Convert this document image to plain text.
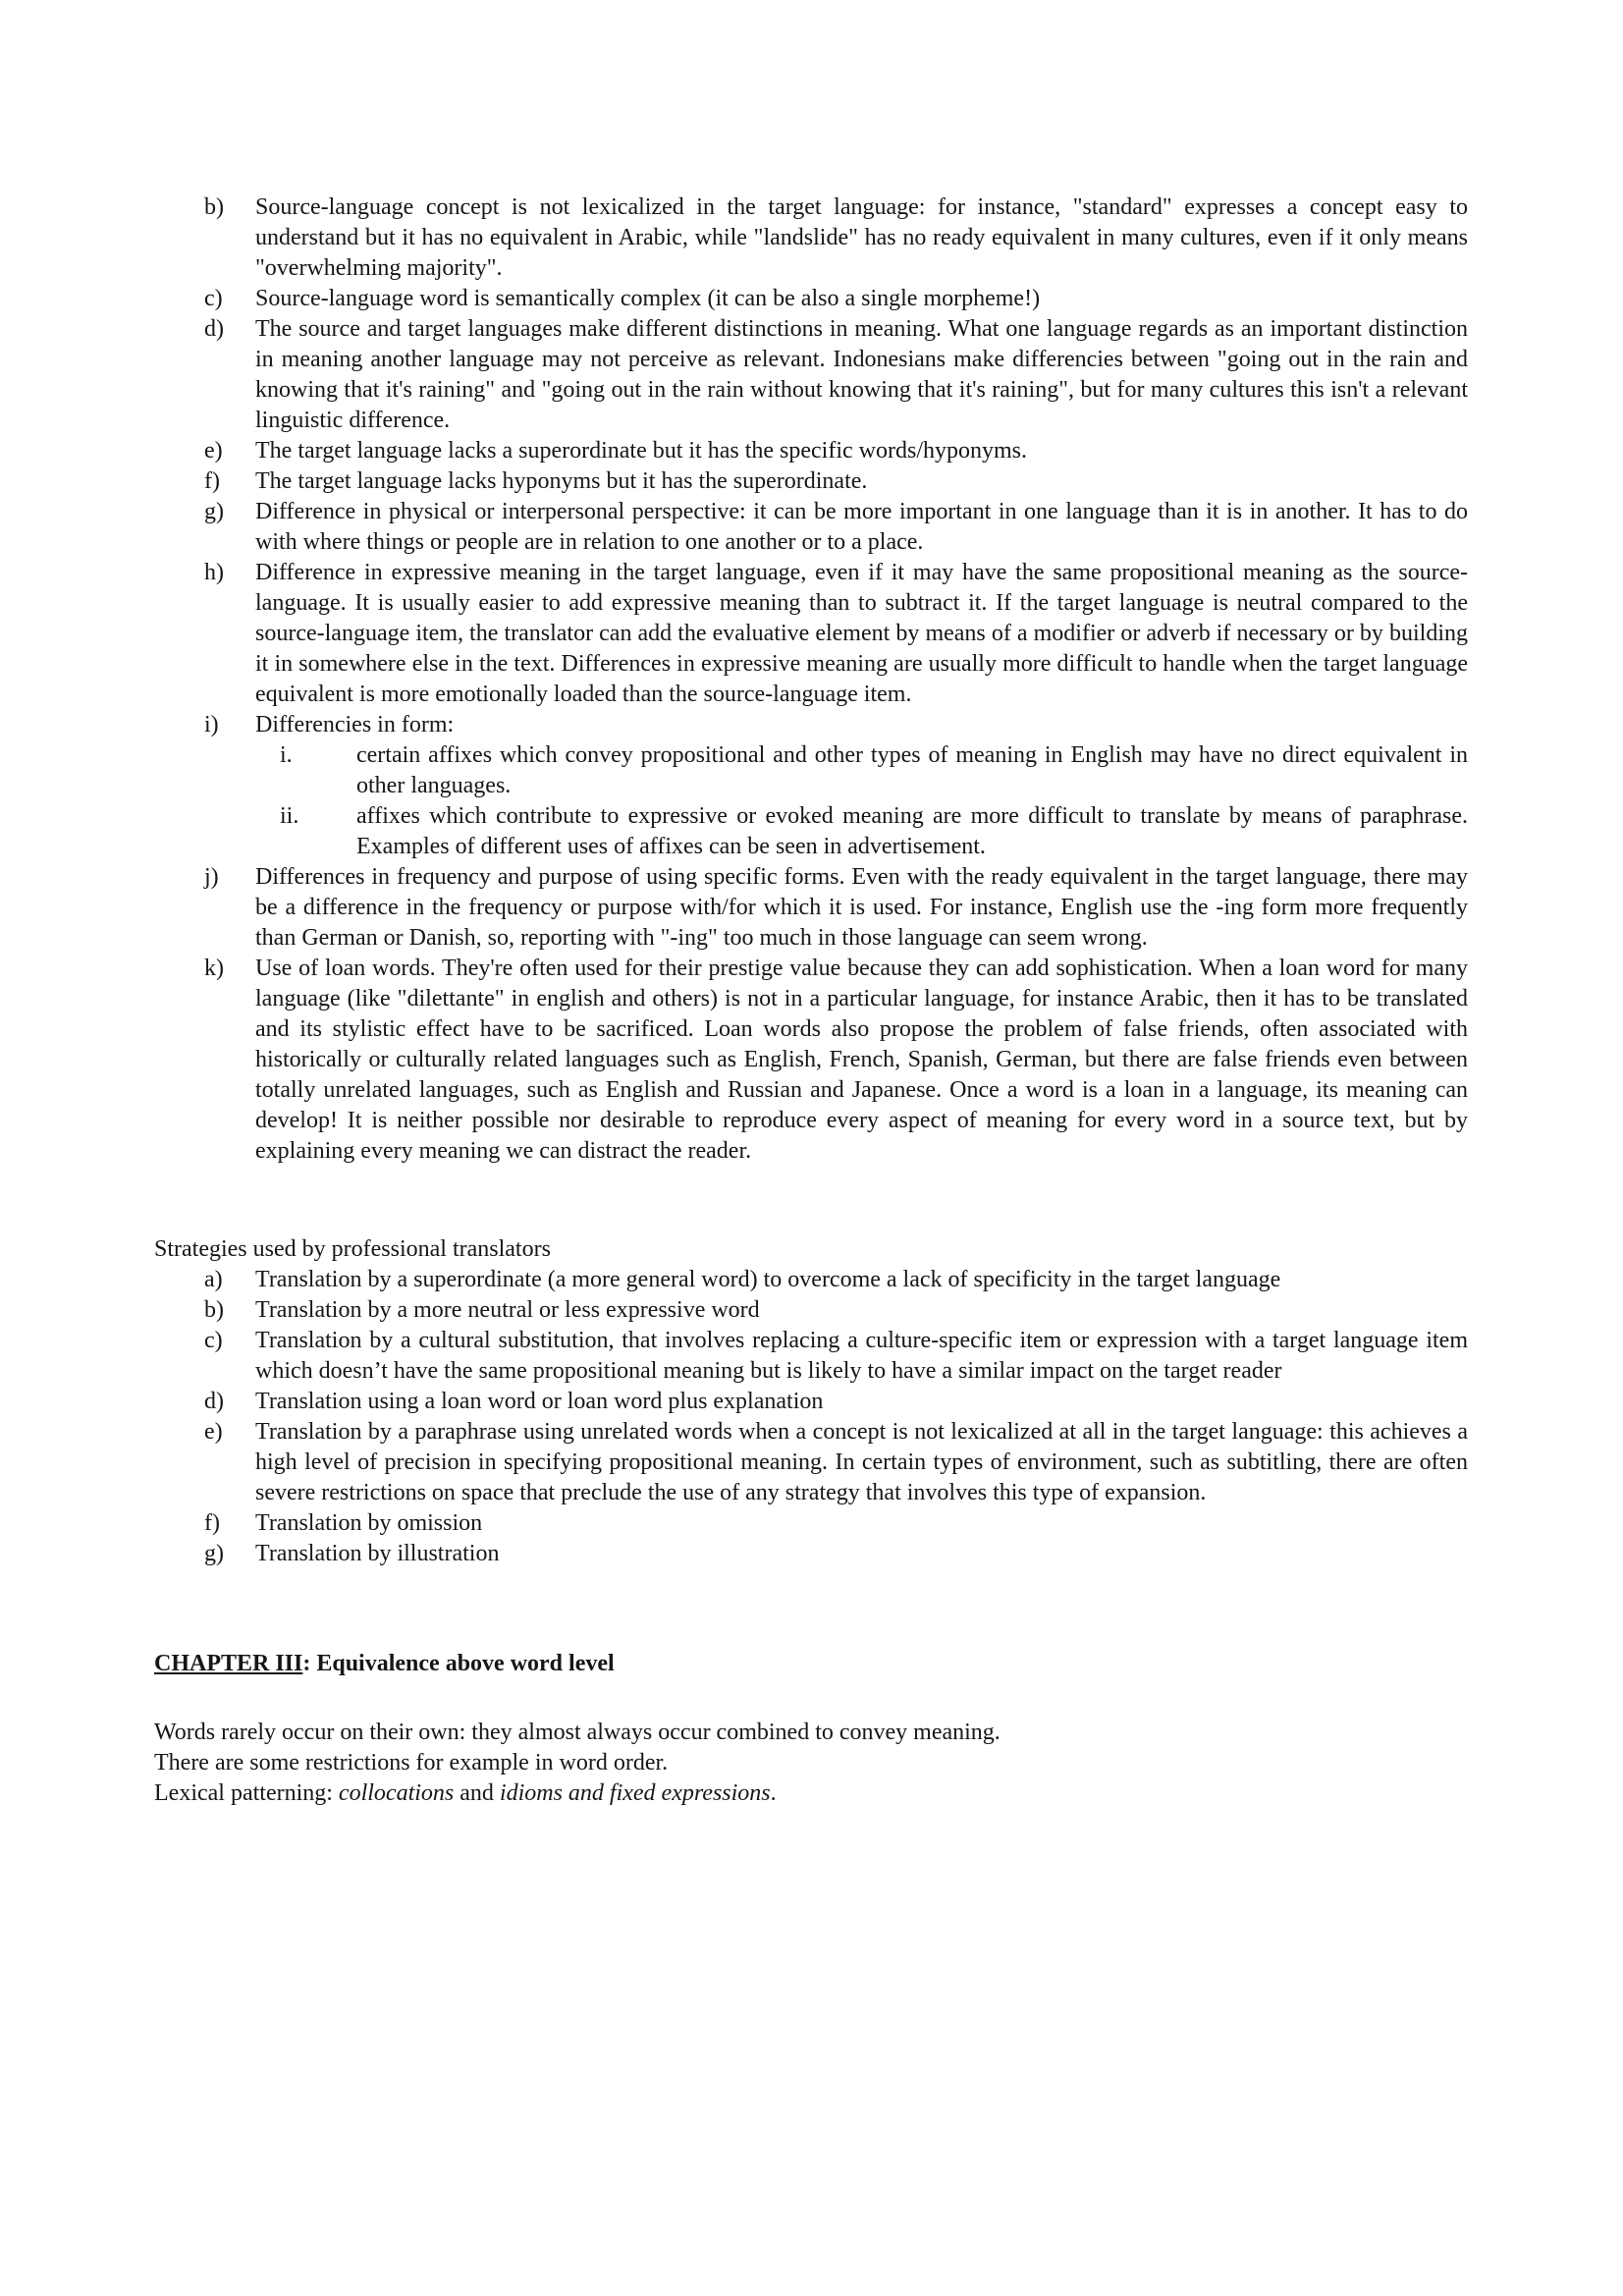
b) Source-language concept is not lexicalized in the target language: for instance, "standard" expresses a concept easy to understand but it has no equivalent in Arabic, while "landslide" has no ready equivalent in many cultures, even if it only means "overwhelming majority".
c) Source-language word is semantically complex (it can be also a single morpheme!)
d) The source and target languages make different distinctions in meaning. What one language regards as an important distinction in meaning another language may not perceive as relevant. Indonesians make differencies between "going out in the rain and knowing that it's raining" and "going out in the rain without knowing that it's raining", but for many cultures this isn't a relevant linguistic difference.
e) The target language lacks a superordinate but it has the specific words/hyponyms.
f) The target language lacks hyponyms but it has the superordinate.
g) Difference in physical or interpersonal perspective: it can be more important in one language than it is in another. It has to do with where things or people are in relation to one another or to a place.
h) Difference in expressive meaning in the target language, even if it may have the same propositional meaning as the source-language. It is usually easier to add expressive meaning than to subtract it. If the target language is neutral compared to the source-language item, the translator can add the evaluative element by means of a modifier or adverb if necessary or by building it in somewhere else in the text. Differences in expressive meaning are usually more difficult to handle when the target language equivalent is more emotionally loaded than the source-language item.
i) Differencies in form:
i.	certain affixes which convey propositional and other types of meaning in English may have no direct equivalent in other languages.
ii. affixes which contribute to expressive or evoked meaning are more difficult to translate by means of paraphrase. Examples of different uses of affixes can be seen in advertisement.
j) Differences in frequency and purpose of using specific forms. Even with the ready equivalent in the target language, there may be a difference in the frequency or purpose with/for which it is used. For instance, English use the -ing form more frequently than German or Danish, so, reporting with "-ing" too much in those language can seem wrong.
k) Use of loan words. They're often used for their prestige value because they can add sophistication. When a loan word for many language (like "dilettante" in english and others) is not in a particular language, for instance Arabic, then it has to be translated and its stylistic effect have to be sacrificed. Loan words also propose the problem of false friends, often associated with historically or culturally related languages such as English, French, Spanish, German, but there are false friends even between totally unrelated languages, such as English and Russian and Japanese. Once a word is a loan in a language, its meaning can develop! It is neither possible nor desirable to reproduce every aspect of meaning for every word in a source text, but by explaining every meaning we can distract the reader.
Strategies used by professional translators
a) Translation by a superordinate (a more general word) to overcome a lack of specificity in the target language
b) Translation by a more neutral or less expressive word
c) Translation by a cultural substitution, that involves replacing a culture-specific item or expression with a target language item which doesn’t have the same propositional meaning but is likely to have a similar impact on the target reader
d) Translation using a loan word or loan word plus explanation
e) Translation by a paraphrase using unrelated words when a concept is not lexicalized at all in the target language: this achieves a high level of precision in specifying propositional meaning. In certain types of environment, such as subtitling, there are often severe restrictions on space that preclude the use of any strategy that involves this type of expansion.
f) Translation by omission
g) Translation by illustration
CHAPTER III: Equivalence above word level
Words rarely occur on their own: they almost always occur combined to convey meaning.
There are some restrictions for example in word order.
Lexical patterning: collocations and idioms and fixed expressions.
